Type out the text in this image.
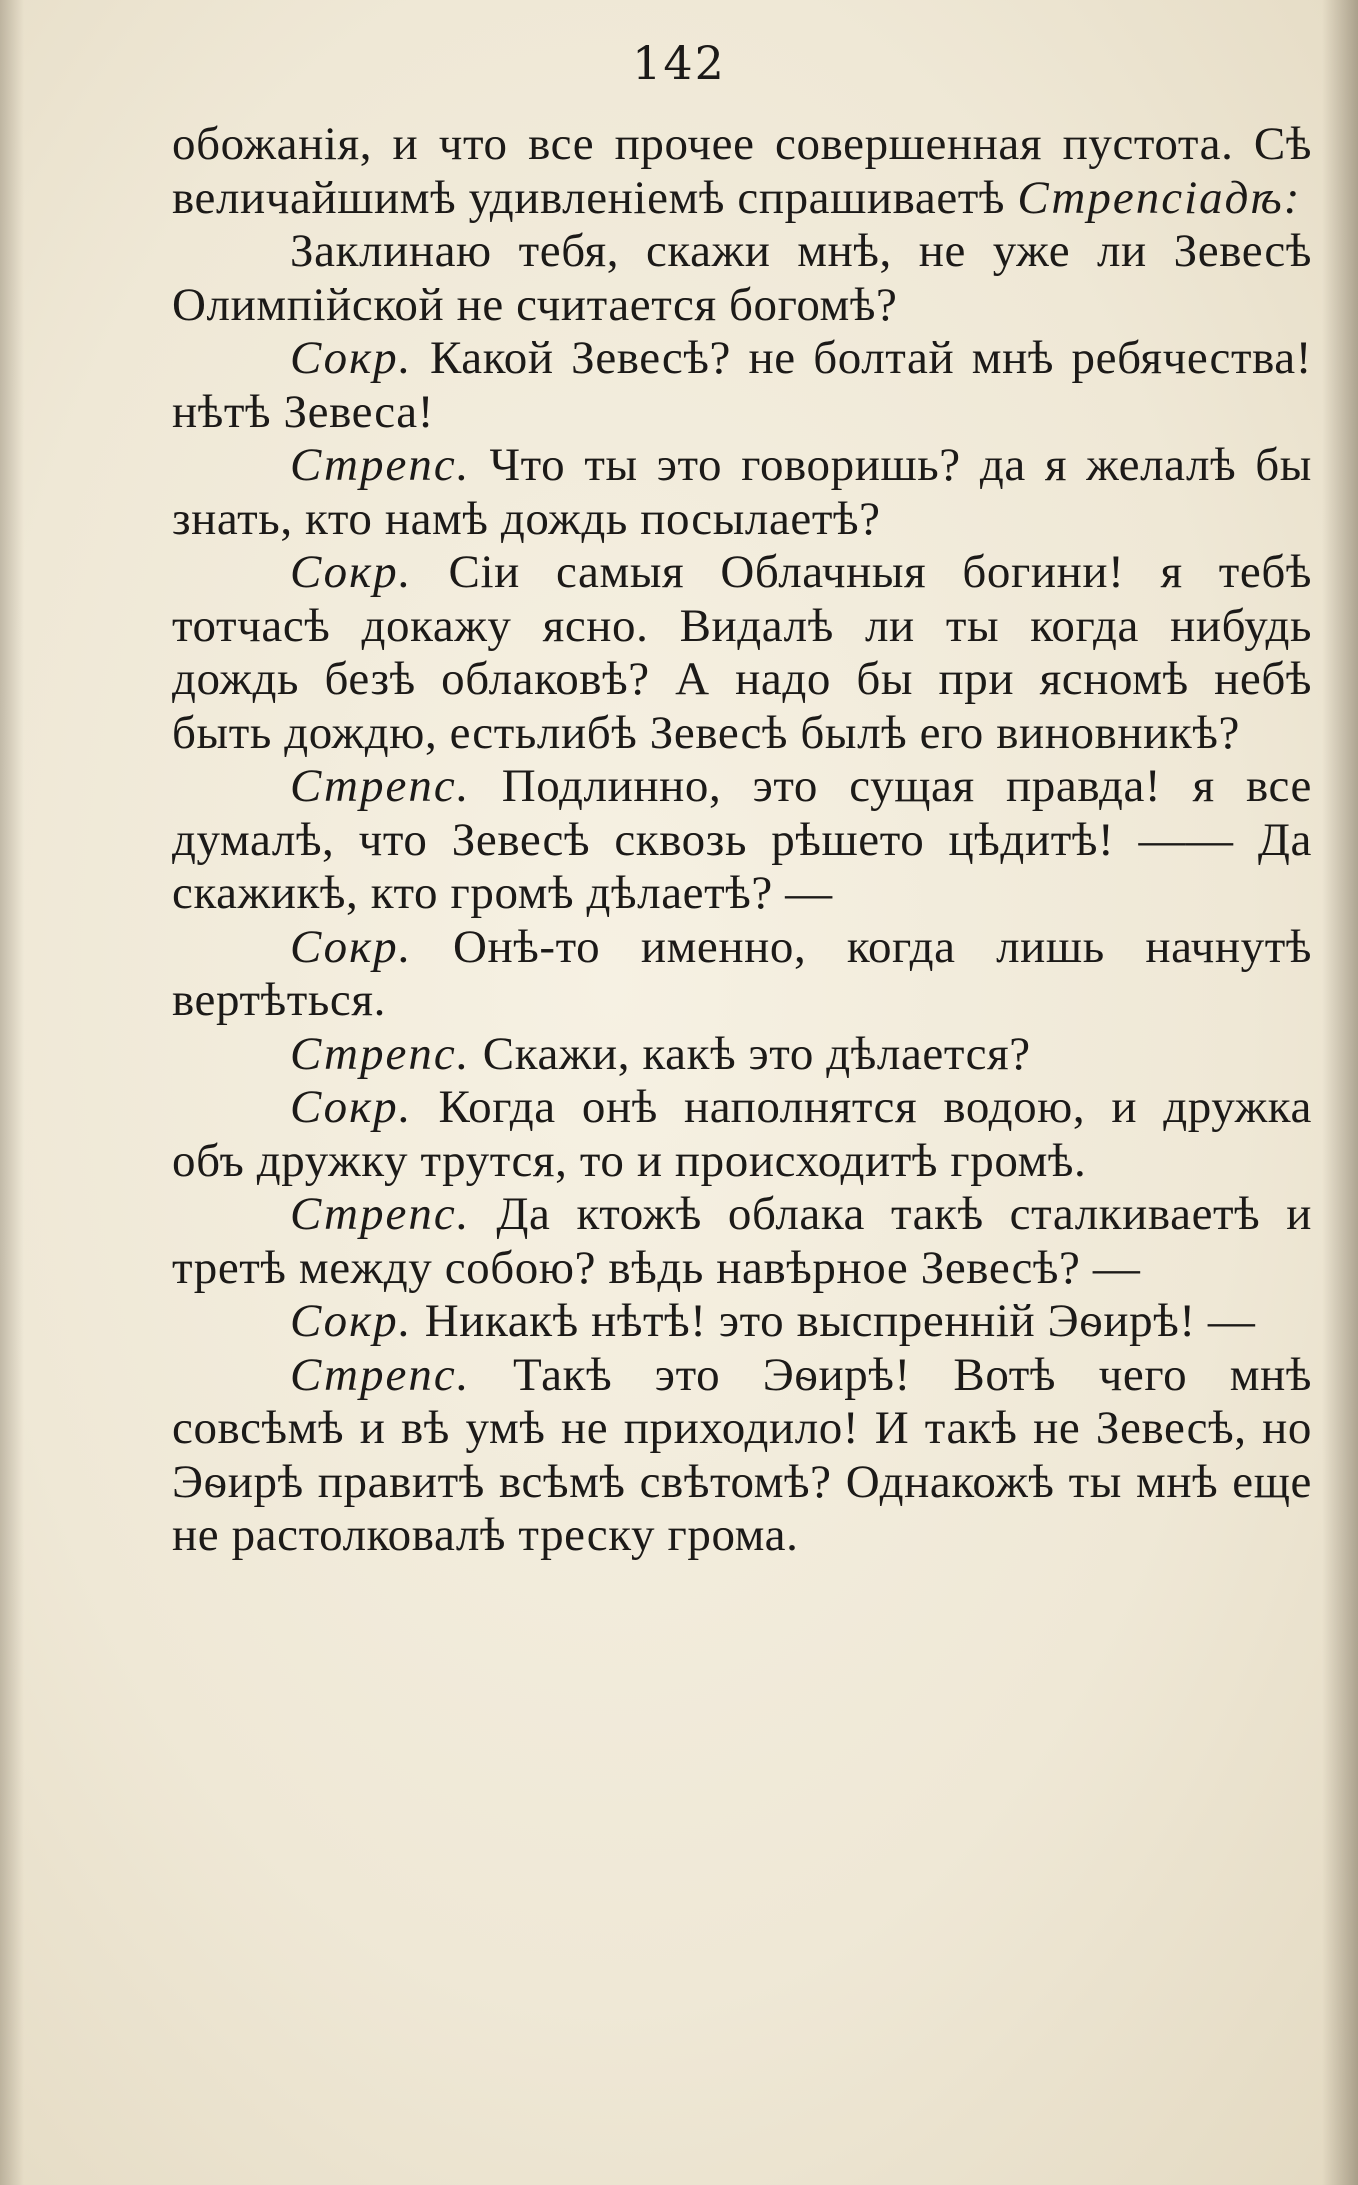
142

обожанія, и что все прочее совершенная пустота. Сѣ величайшимѣ удивленіемѣ спрашиваетѣ Стрепсіадѣ:

Заклинаю тебя, скажи мнѣ, не уже ли Зевесѣ Олимпійской не считается богомѣ?

Сокр. Какой Зевесѣ? не болтай мнѣ ребячества! нѣтѣ Зевеса!

Стрепс. Что ты это говоришь? да я желалѣ бы знать, кто намѣ дождь посылаетѣ?

Сокр. Сіи самыя Облачныя богини! я тебѣ тотчасѣ докажу ясно. Видалѣ ли ты когда нибудь дождь безѣ облаковѣ? А надо бы при ясномѣ небѣ быть дождю, естьлибѣ Зевесѣ былѣ его виновникѣ?

Стрепс. Подлинно, это сущая правда! я все думалѣ, что Зевесѣ сквозь рѣшето цѣдитѣ! —— Да скажикѣ, кто громѣ дѣлаетѣ? —

Сокр. Онѣ-то именно, когда лишь начнутѣ вертѣться.

Стрепс. Скажи, какѣ это дѣлается?

Сокр. Когда онѣ наполнятся водою, и дружка объ дружку трутся, то и происходитѣ громѣ.

Стрепс. Да ктожѣ облака такѣ сталкиваетѣ и третѣ между собою? вѣдь навѣрное Зевесѣ? —

Сокр. Никакѣ нѣтѣ! это выспренній Эѳирѣ! —

Стрепс. Такѣ это Эѳирѣ! Вотѣ чего мнѣ совсѣмѣ и вѣ умѣ не приходило! И такѣ не Зевесѣ, но Эѳирѣ правитѣ всѣмѣ свѣтомѣ? Однакожѣ ты мнѣ еще не растолковалѣ треску грома.
